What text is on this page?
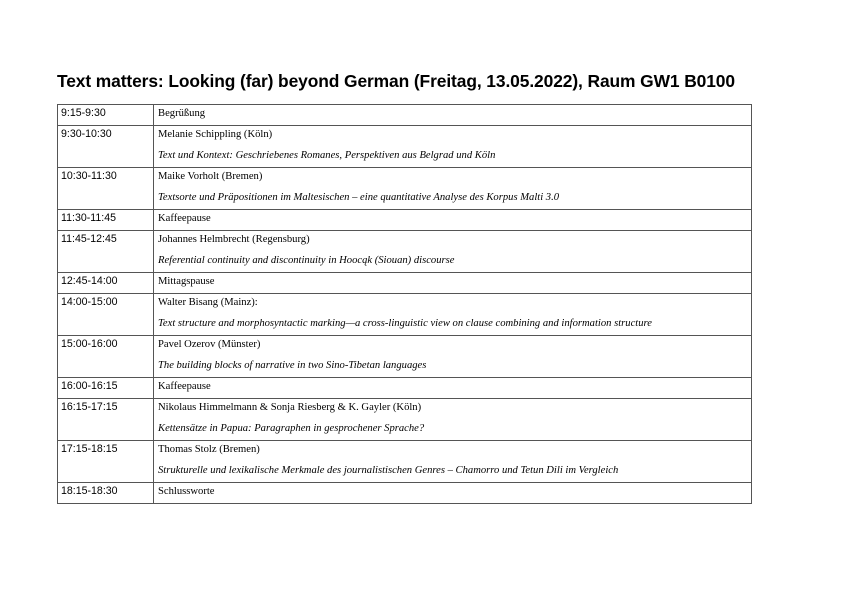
Text matters: Looking (far) beyond German (Freitag, 13.05.2022), Raum GW1 B0100
9:15-9:30	Begrüßung

9:30-10:30	Melanie Schippling (Köln)
Text und Kontext: Geschriebenes Romanes, Perspektiven aus Belgrad und Köln

10:30-11:30	Maike Vorholt (Bremen)
Textsorte und Präpositionen im Maltesischen – eine quantitative Analyse des Korpus Malti 3.0

11:30-11:45	Kaffeepause

11:45-12:45	Johannes Helmbrecht (Regensburg)
Referential continuity and discontinuity in Hoocąk (Siouan) discourse

12:45-14:00	Mittagspause

14:00-15:00	Walter Bisang (Mainz):
Text structure and morphosyntactic marking—a cross-linguistic view on clause combining and information structure

15:00-16:00	Pavel Ozerov (Münster)
The building blocks of narrative in two Sino-Tibetan languages

16:00-16:15	Kaffeepause

16:15-17:15	Nikolaus Himmelmann & Sonja Riesberg & K. Gayler (Köln)
Kettensätze in Papua: Paragraphen in gesprochener Sprache?

17:15-18:15	Thomas Stolz (Bremen)
Strukturelle und lexikalische Merkmale des journalistischen Genres – Chamorro und Tetun Dili im Vergleich

18:15-18:30	Schlussworte
